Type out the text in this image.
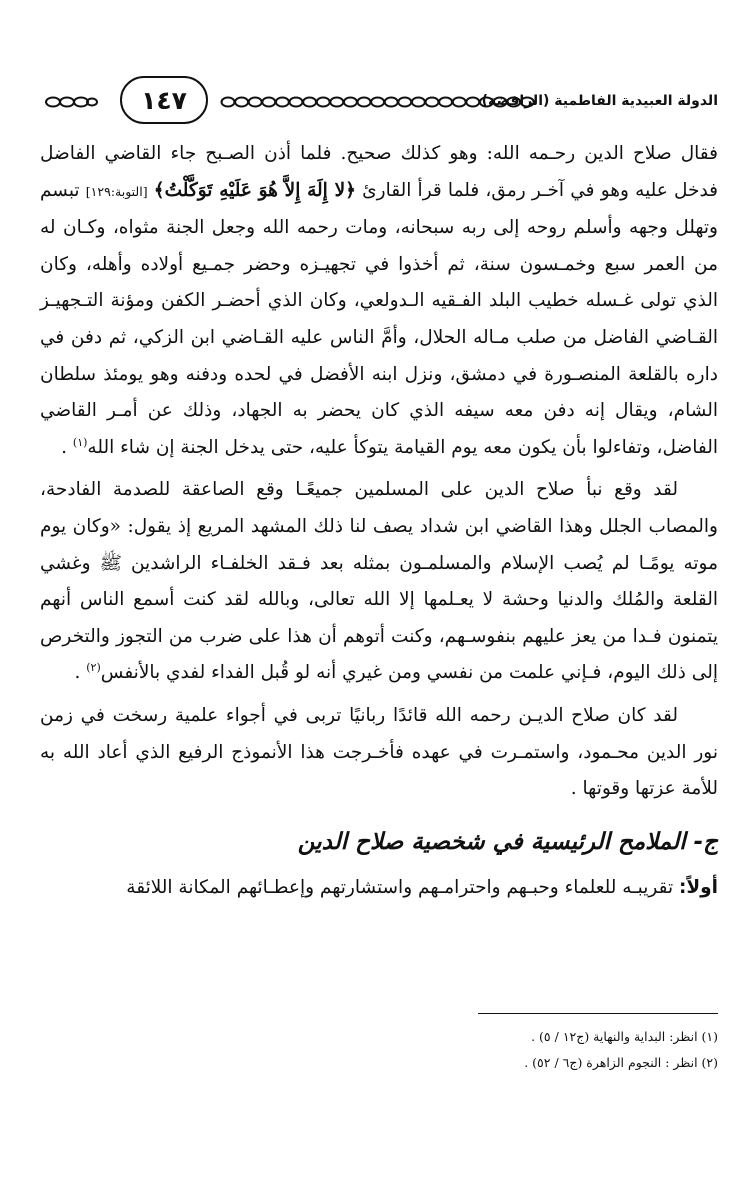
١٤٧	الدولة العبيدية الفاطمية (الرافضة)

فقال صلاح الدين رحـمه الله: وهو كذلك صحيح. فلما أذن الصـبح جاء القاضي الفاضل فدخل عليه وهو في آخـر رمق، فلما قرأ القارئ ﴿لا إِلَهَ إِلاَّ هُوَ عَلَيْهِ تَوَكَّلْتُ﴾ [التوبة:١٢٩] تبسم وتهلل وجهه وأسلم روحه إلى ربه سبحانه، ومات رحمه الله وجعل الجنة مثواه، وكـان له من العمر سبع وخمـسون سنة، ثم أخذوا في تجهيـزه وحضر جمـيع أولاده وأهله، وكان الذي تولى غـسله خطيب البلد الفـقيه الـدولعي، وكان الذي أحضـر الكفن ومؤنة التـجهيـز القـاضي الفاضل من صلب مـاله الحلال، وأمَّ الناس عليه القـاضي ابن الزكي، ثم دفن في داره بالقلعة المنصـورة في دمشق، ونزل ابنه الأفضل في لحده ودفنه وهو يومئذ سلطان الشام، ويقال إنه دفن معه سيفه الذي كان يحضر به الجهاد، وذلك عن أمـر القاضي الفاضل، وتفاءلوا بأن يكون معه يوم القيامة يتوكأ عليه، حتى يدخل الجنة إن شاء الله$^{(١)}$ .

لقد وقع نبأ صلاح الدين على المسلمين جميعًـا وقع الصاعقة للصدمة الفادحة، والمصاب الجلل وهذا القاضي ابن شداد يصف لنا ذلك المشهد المريع إذ يقول: «وكان يوم موته يومًـا لم يُصب الإسلام والمسلمـون بمثله بعد فـقد الخلفـاء الراشدين ﷺ وغشي القلعة والمُلك والدنيا وحشة لا يعـلمها إلا الله تعالى، وبالله لقد كنت أسمع الناس أنهم يتمنون فـدا من يعز عليهم بنفوسـهم، وكنت أتوهم أن هذا على ضرب من التجوز والتخرص إلى ذلك اليوم، فـإني علمت من نفسي ومن غيري أنه لو قُبل الفداء لفدي بالأنفس$^{(٢)}$ .

لقد كان صلاح الديـن رحمه الله قائدًا ربانيًا تربى في أجواء علمية رسخت في زمن نور الدين محـمود، واستمـرت في عهده فأخـرجت هذا الأنموذج الرفيع الذي أعاد الله به للأمة عزتها وقوتها .

ج- الملامح الرئيسية في شخصية صلاح الدين

أولاً: تقريبـه للعلماء وحبـهم واحترامـهم واستشارتهم وإعطـائهم المكانة اللائقة

(١) انظر: البداية والنهاية (ج١٢ / ٥) .
(٢) انظر : النجوم الزاهرة (ج٦ / ٥٢) .
